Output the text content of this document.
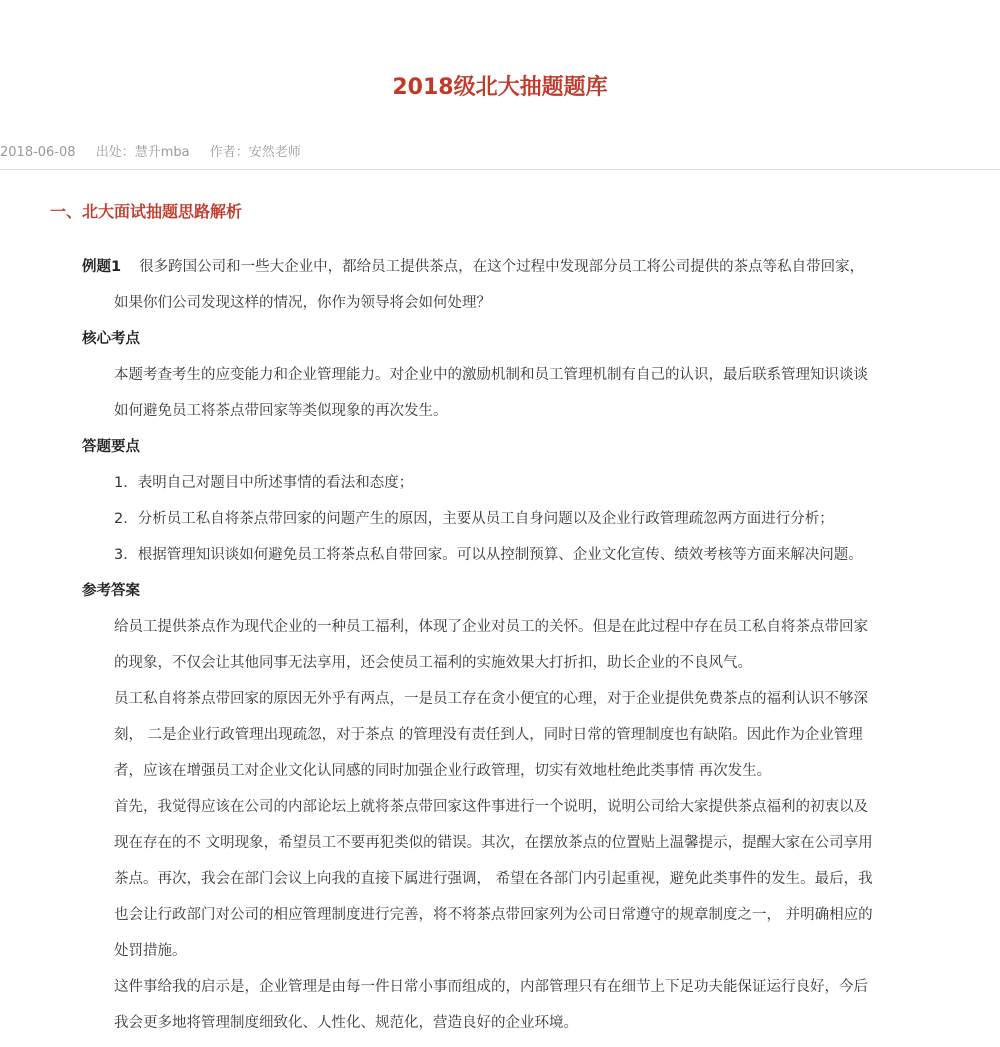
2018级北大抽题题库
2018-06-08 出处：慧升mba 作者：安然老师
一、北大面试抽题思路解析
例题1 很多跨国公司和一些大企业中，都给员工提供茶点，在这个过程中发现部分员工将公司提供的茶点等私自带回家，
如果你们公司发现这样的情况，你作为领导将会如何处理？
核心考点
本题考查考生的应变能力和企业管理能力。对企业中的激励机制和员工管理机制有自己的认识，最后联系管理知识谈谈
如何避免员工将茶点带回家等类似现象的再次发生。
答题要点
1．表明自己对题目中所述事情的看法和态度；
2．分析员工私自将茶点带回家的问题产生的原因，主要从员工自身问题以及企业行政管理疏忽两方面进行分析；
3．根据管理知识谈如何避免员工将茶点私自带回家。可以从控制预算、企业文化宣传、绩效考核等方面来解决问题。
参考答案
给员工提供茶点作为现代企业的一种员工福利，体现了企业对员工的关怀。但是在此过程中存在员工私自将茶点带回家
的现象，不仅会让其他同事无法享用，还会使员工福利的实施效果大打折扣，助长企业的不良风气。
员工私自将茶点带回家的原因无外乎有两点，一是员工存在贪小便宜的心理，对于企业提供免费茶点的福利认识不够深
刻， 二是企业行政管理出现疏忽，对于茶点 的管理没有责任到人，同时日常的管理制度也有缺陷。因此作为企业管理
者，应该在增强员工对企业文化认同感的同时加强企业行政管理，切实有效地杜绝此类事情 再次发生。
首先，我觉得应该在公司的内部论坛上就将茶点带回家这件事进行一个说明，说明公司给大家提供茶点福利的初衷以及
现在存在的不 文明现象，希望员工不要再犯类似的错误。其次，在摆放茶点的位置贴上温馨提示，提醒大家在公司享用
茶点。再次，我会在部门会议上向我的直接下属进行强调， 希望在各部门内引起重视，避免此类事件的发生。最后，我
也会让行政部门对公司的相应管理制度进行完善，将不将茶点带回家列为公司日常遵守的规章制度之一， 并明确相应的
处罚措施。
这件事给我的启示是，企业管理是由每一件日常小事而组成的，内部管理只有在细节上下足功夫能保证运行良好，今后
我会更多地将管理制度细致化、人性化、规范化，营造良好的企业环境。
